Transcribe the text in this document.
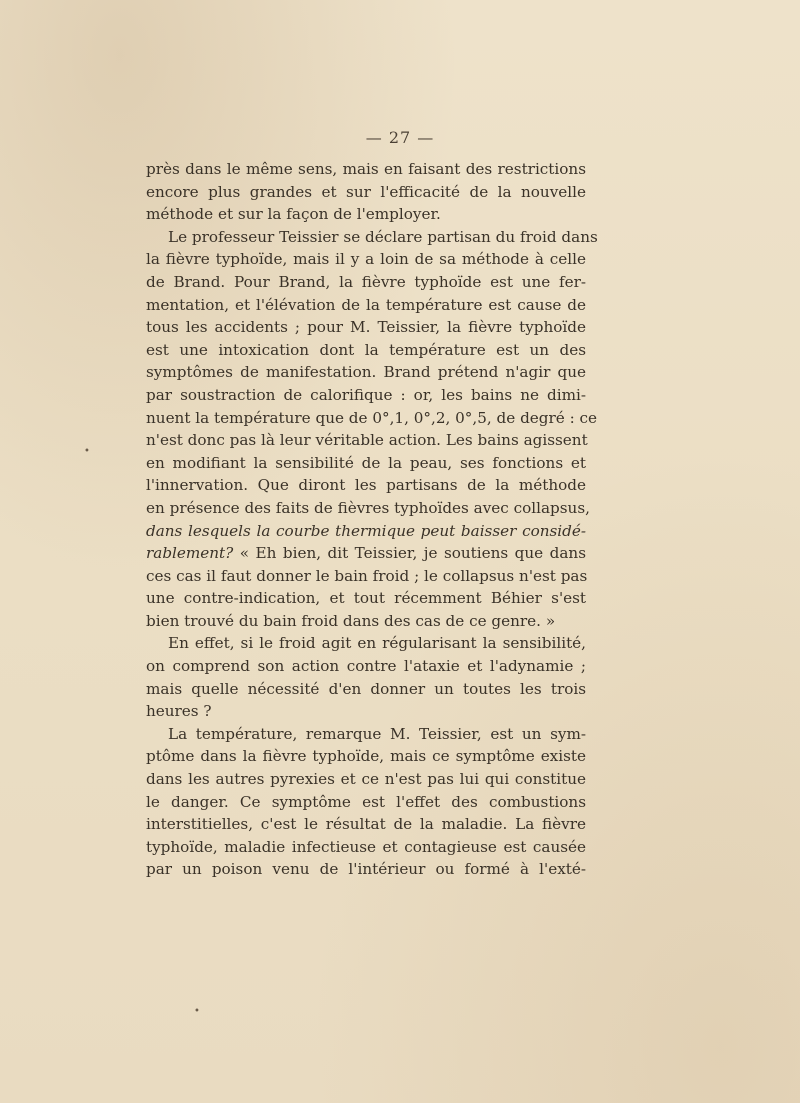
— 27 —
près dans le même sens, mais en faisant des restrictions
encore plus grandes et sur l'efficacité de la nouvelle
méthode et sur la façon de l'employer.
Le professeur Teissier se déclare partisan du froid dans
la fièvre typhoïde, mais il y a loin de sa méthode à celle
de Brand. Pour Brand, la fièvre typhoïde est une fer-
mentation, et l'élévation de la température est cause de
tous les accidents ; pour M. Teissier, la fièvre typhoïde
est une intoxication dont la température est un des
symptômes de manifestation. Brand prétend n'agir que
par soustraction de calorifique : or, les bains ne dimi-
nuent la température que de 0°,1, 0°,2, 0°,5, de degré : ce
n'est donc pas là leur véritable action. Les bains agissent
en modifiant la sensibilité de la peau, ses fonctions et
l'innervation. Que diront les partisans de la méthode
en présence des faits de fièvres typhoïdes avec collapsus,
dans lesquels la courbe thermique peut baisser considé-
rablement? « Eh bien, dit Teissier, je soutiens que dans
ces cas il faut donner le bain froid ; le collapsus n'est pas
une contre-indication, et tout récemment Béhier s'est
bien trouvé du bain froid dans des cas de ce genre. »
En effet, si le froid agit en régularisant la sensibilité,
on comprend son action contre l'ataxie et l'adynamie ;
mais quelle nécessité d'en donner un toutes les trois
heures ?
La température, remarque M. Teissier, est un sym-
ptôme dans la fièvre typhoïde, mais ce symptôme existe
dans les autres pyrexies et ce n'est pas lui qui constitue
le danger. Ce symptôme est l'effet des combustions
interstitielles, c'est le résultat de la maladie. La fièvre
typhoïde, maladie infectieuse et contagieuse est causée
par un poison venu de l'intérieur ou formé à l'exté-
•
•
